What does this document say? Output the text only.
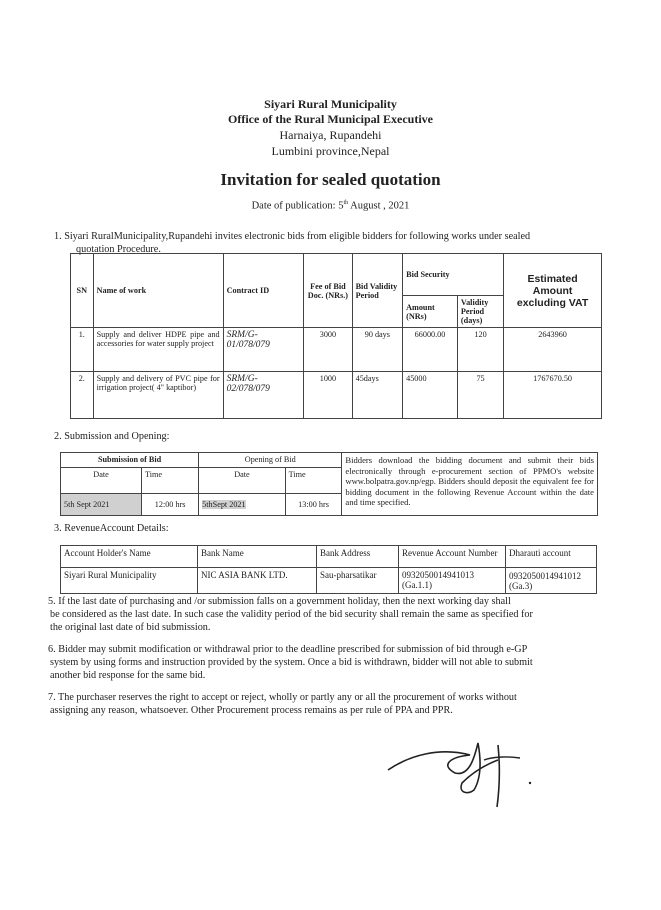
Siyari Rural Municipality
Office of the Rural Municipal Executive
Harnaiya, Rupandehi
Lumbini province,Nepal
Invitation for sealed quotation
Date of publication: 5th August , 2021
1. Siyari RuralMunicipality,Rupandehi invites electronic bids from eligible bidders for following works under sealed
quotation Procedure.
SN	Name of work	Contract ID	Fee of Bid Doc. (NRs.)	Bid Validity Period	Bid Security		Estimated Amount excluding VAT
					Amount (NRs)	Validity Period (days)	
1.	Supply and deliver HDPE pipe and accessories for water supply project	SRM/G-01/078/079	3000	90 days	66000.00	120	2643960
2.	Supply and delivery of PVC pipe for irrigation project( 4" kaptibor)	SRM/G-02/078/079	1000	45days	45000	75	1767670.50
2. Submission and Opening:
Submission of Bid		Opening of Bid		Bidders download the bidding document and submit their bids electronically through e-procurement section of PPMO's website www.bolpatra.gov.np/egp. Bidders should deposit the equivalent fee for bidding document in the following Revenue Account within the date and time specified.
Date	Time	Date	Time	
5th Sept 2021	12:00 hrs	5thSept 2021	13:00 hrs	
3. RevenueAccount Details:
Account Holder's Name	Bank Name	Bank Address	Revenue Account Number	Dharauti account
Siyari Rural Municipality	NIC ASIA BANK LTD.	Sau-pharsatikar	0932050014941013 (Ga.1.1)	0932050014941012 (Ga.3)
5. If the last date of purchasing and /or submission falls on a government holiday, then the next working day shall
be considered as the last date. In such case the validity period of the bid security shall remain the same as specified for
the original last date of bid submission.
6. Bidder may submit modification or withdrawal prior to the deadline prescribed for submission of bid through e-GP
system by using forms and instruction provided by the system. Once a bid is withdrawn, bidder will not able to submit
another bid response for the same bid.
7. The purchaser reserves the right to accept or reject, wholly or partly any or all the procurement of works without
assigning any reason, whatsoever. Other Procurement process remains as per rule of PPA and PPR.
